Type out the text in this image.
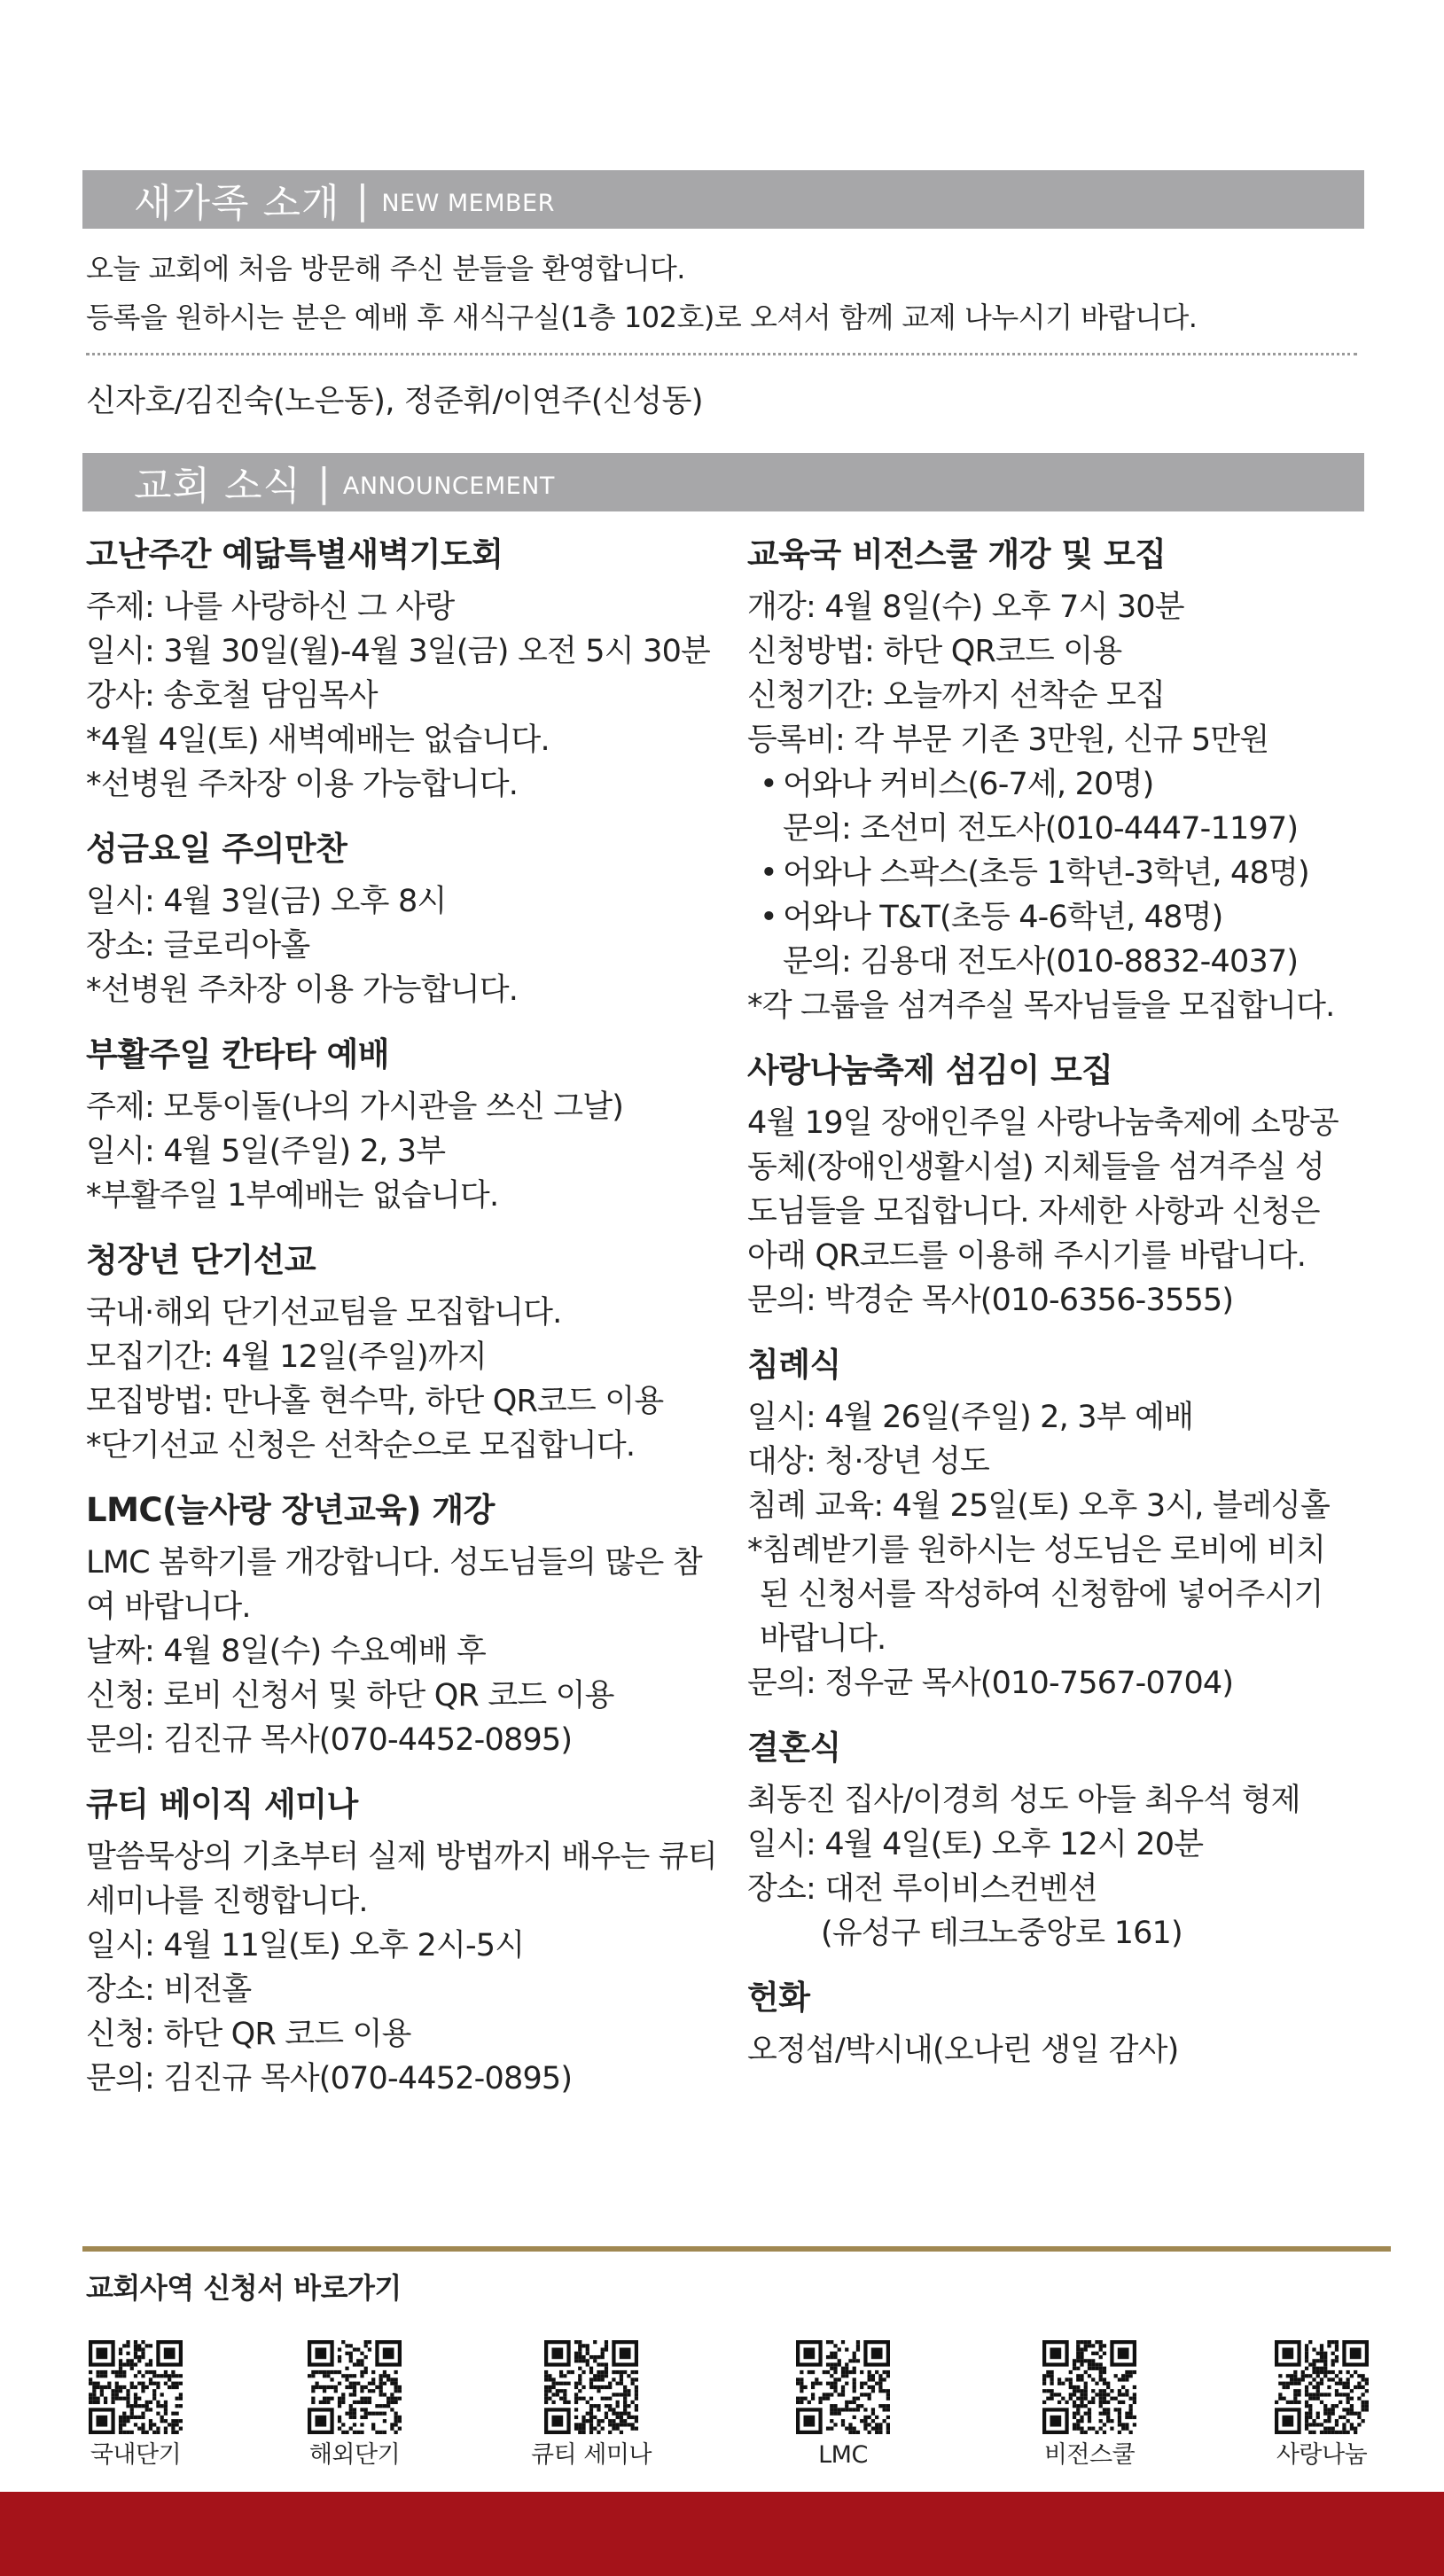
새가족 소개 | NEW MEMBER
오늘 교회에 처음 방문해 주신 분들을 환영합니다.
등록을 원하시는 분은 예배 후 새식구실(1층 102호)로 오셔서 함께 교제 나누시기 바랍니다.
신자호/김진숙(노은동), 정준휘/이연주(신성동)
교회 소식 | ANNOUNCEMENT
고난주간 예닮특별새벽기도회
주제: 나를 사랑하신 그 사랑
일시: 3월 30일(월)-4월 3일(금) 오전 5시 30분
강사: 송호철 담임목사
*4월 4일(토) 새벽예배는 없습니다.
*선병원 주차장 이용 가능합니다.
성금요일 주의만찬
일시: 4월 3일(금) 오후 8시
장소: 글로리아홀
*선병원 주차장 이용 가능합니다.
부활주일 칸타타 예배
주제: 모퉁이돌(나의 가시관을 쓰신 그날)
일시: 4월 5일(주일) 2, 3부
*부활주일 1부예배는 없습니다.
청장년 단기선교
국내·해외 단기선교팀을 모집합니다.
모집기간: 4월 12일(주일)까지
모집방법: 만나홀 현수막, 하단 QR코드 이용
*단기선교 신청은 선착순으로 모집합니다.
LMC(늘사랑 장년교육) 개강
LMC 봄학기를 개강합니다. 성도님들의 많은 참여 바랍니다.
날짜: 4월 8일(수) 수요예배 후
신청: 로비 신청서 및 하단 QR 코드 이용
문의: 김진규 목사(070-4452-0895)
큐티 베이직 세미나
말씀묵상의 기초부터 실제 방법까지 배우는 큐티 세미나를 진행합니다.
일시: 4월 11일(토) 오후 2시-5시
장소: 비전홀
신청: 하단 QR 코드 이용
문의: 김진규 목사(070-4452-0895)
교육국 비전스쿨 개강 및 모집
개강: 4월 8일(수) 오후 7시 30분
신청방법: 하단 QR코드 이용
신청기간: 오늘까지 선착순 모집
등록비: 각 부문 기존 3만원, 신규 5만원
• 어와나 커비스(6-7세, 20명)
문의: 조선미 전도사(010-4447-1197)
• 어와나 스팍스(초등 1학년-3학년, 48명)
• 어와나 T&T(초등 4-6학년, 48명)
문의: 김용대 전도사(010-8832-4037)
*각 그룹을 섬겨주실 목자님들을 모집합니다.
사랑나눔축제 섬김이 모집
4월 19일 장애인주일 사랑나눔축제에 소망공
동체(장애인생활시설) 지체들을 섬겨주실 성
도님들을 모집합니다. 자세한 사항과 신청은
아래 QR코드를 이용해 주시기를 바랍니다.
문의: 박경순 목사(010-6356-3555)
침례식
일시: 4월 26일(주일) 2, 3부 예배
대상: 청·장년 성도
침례 교육: 4월 25일(토) 오후 3시, 블레싱홀
*침례받기를 원하시는 성도님은 로비에 비치
된 신청서를 작성하여 신청함에 넣어주시기
바랍니다.
문의: 정우균 목사(010-7567-0704)
결혼식
최동진 집사/이경희 성도 아들 최우석 형제
일시: 4월 4일(토) 오후 12시 20분
장소: 대전 루이비스컨벤션
(유성구 테크노중앙로 161)
헌화
오정섭/박시내(오나린 생일 감사)
교회사역 신청서 바로가기
국내단기	해외단기	큐티 세미나	LMC	비전스쿨	사랑나눔
